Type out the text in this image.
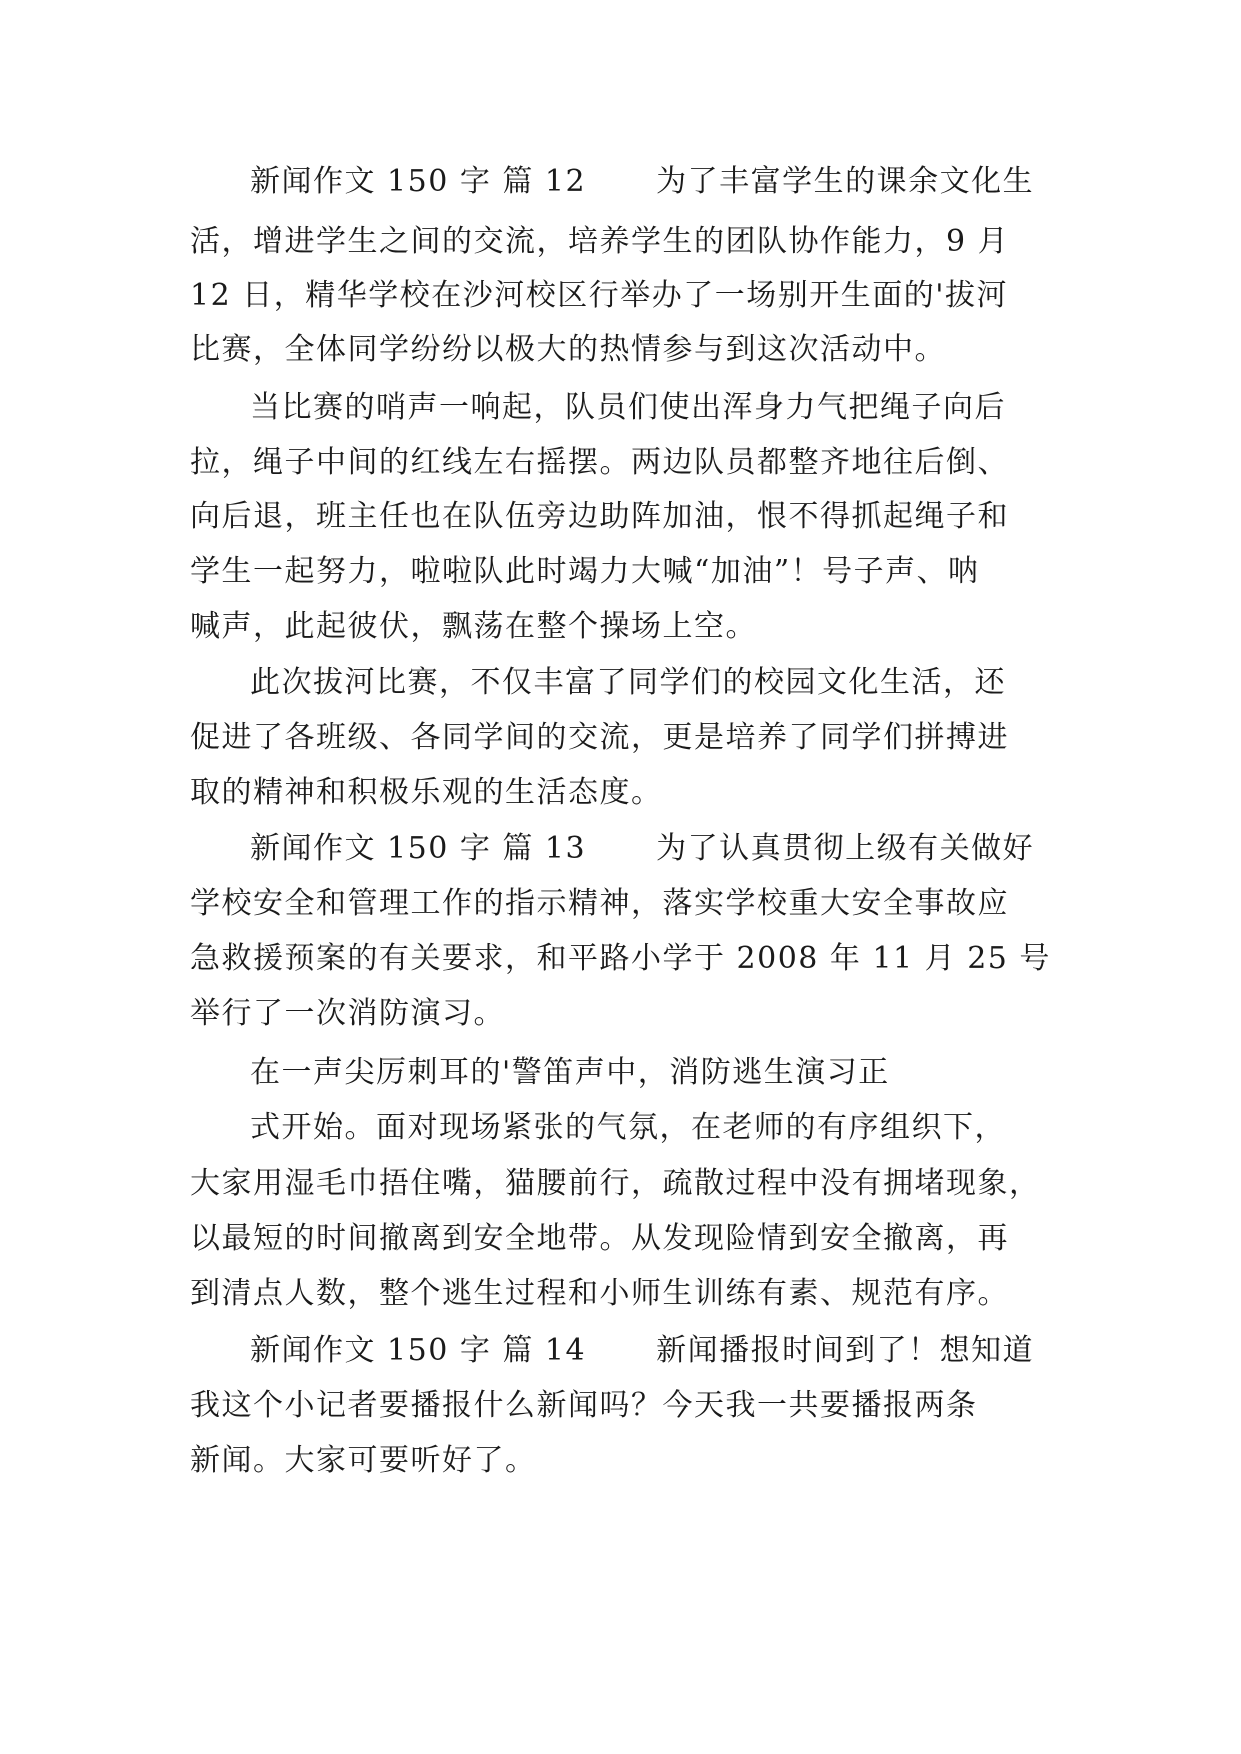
新闻作文 150 字 篇 12 为了丰富学生的课余文化生
活，增进学生之间的交流，培养学生的团队协作能力，9 月
12 日，精华学校在沙河校区行举办了一场别开生面的'拔河
比赛，全体同学纷纷以极大的热情参与到这次活动中。
当比赛的哨声一响起，队员们使出浑身力气把绳子向后
拉，绳子中间的红线左右摇摆。两边队员都整齐地往后倒、
向后退，班主任也在队伍旁边助阵加油，恨不得抓起绳子和
学生一起努力，啦啦队此时竭力大喊“加油”！号子声、呐
喊声，此起彼伏，飘荡在整个操场上空。
此次拔河比赛，不仅丰富了同学们的校园文化生活，还
促进了各班级、各同学间的交流，更是培养了同学们拼搏进
取的精神和积极乐观的生活态度。
新闻作文 150 字 篇 13 为了认真贯彻上级有关做好
学校安全和管理工作的指示精神，落实学校重大安全事故应
急救援预案的有关要求，和平路小学于 2008 年 11 月 25 号
举行了一次消防演习。
在一声尖厉刺耳的'警笛声中，消防逃生演习正
式开始。面对现场紧张的气氛，在老师的有序组织下，
大家用湿毛巾捂住嘴，猫腰前行，疏散过程中没有拥堵现象，
以最短的时间撤离到安全地带。从发现险情到安全撤离，再
到清点人数，整个逃生过程和小师生训练有素、规范有序。
新闻作文 150 字 篇 14 新闻播报时间到了！想知道
我这个小记者要播报什么新闻吗？今天我一共要播报两条
新闻。大家可要听好了。
